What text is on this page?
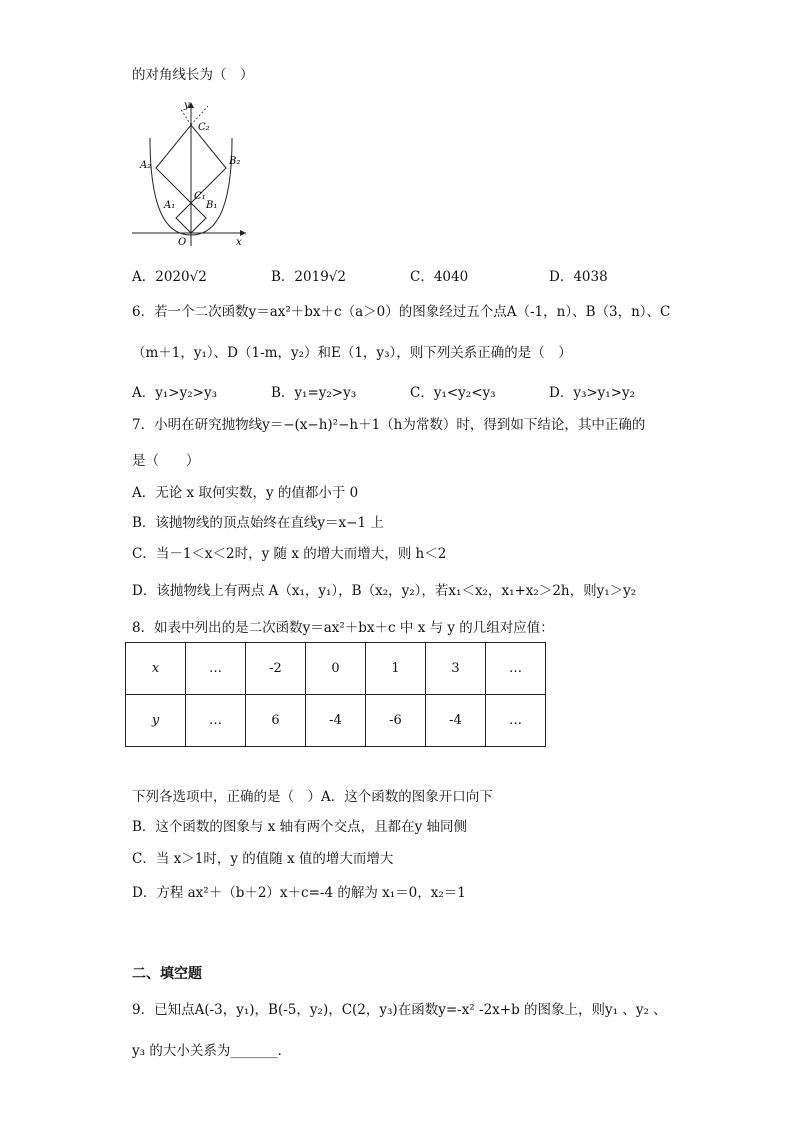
的对角线长为（　）
y
C₂
A₂	B₂
C₁
A₁	B₁
O	x
A．2020√2	B．2019√2	C．4040	D．4038
6．若一个二次函数y＝ax²＋bx＋c（a＞0）的图象经过五个点A（-1，n）、B（3，n）、C
（m＋1，y₁）、D（1-m，y₂）和E（1，y₃），则下列关系正确的是（　）
A．y₁>y₂>y₃	B．y₁=y₂>y₃	C．y₁<y₂<y₃	D．y₃>y₁>y₂
7．小明在研究抛物线y＝−(x−h)²−h＋1（h为常数）时，得到如下结论，其中正确的
是（　　）
A．无论 x 取何实数，y 的值都小于 0
B．该抛物线的顶点始终在直线y＝x−1 上
C．当－1＜x＜2时，y 随 x 的增大而增大，则 h＜2
D．该抛物线上有两点 A（x₁，y₁），B（x₂，y₂），若x₁＜x₂，x₁+x₂＞2h，则y₁＞y₂
8．如表中列出的是二次函数y＝ax²＋bx＋c 中 x 与 y 的几组对应值：
x	…	-2	0	1	3	…
y	…	6	-4	-6	-4	…
下列各选项中，正确的是（　）A．这个函数的图象开口向下
B．这个函数的图象与 x 轴有两个交点，且都在y 轴同侧
C．当 x＞1时，y 的值随 x 值的增大而增大
D．方程 ax²＋（b＋2）x＋c=-4 的解为 x₁＝0，x₂＝1
二、填空题
9．已知点A(-3，y₁)，B(-5，y₂)，C(2，y₃)在函数y=-x² -2x+b 的图象上，则y₁ 、y₂ 、
y₃ 的大小关系为_______．
